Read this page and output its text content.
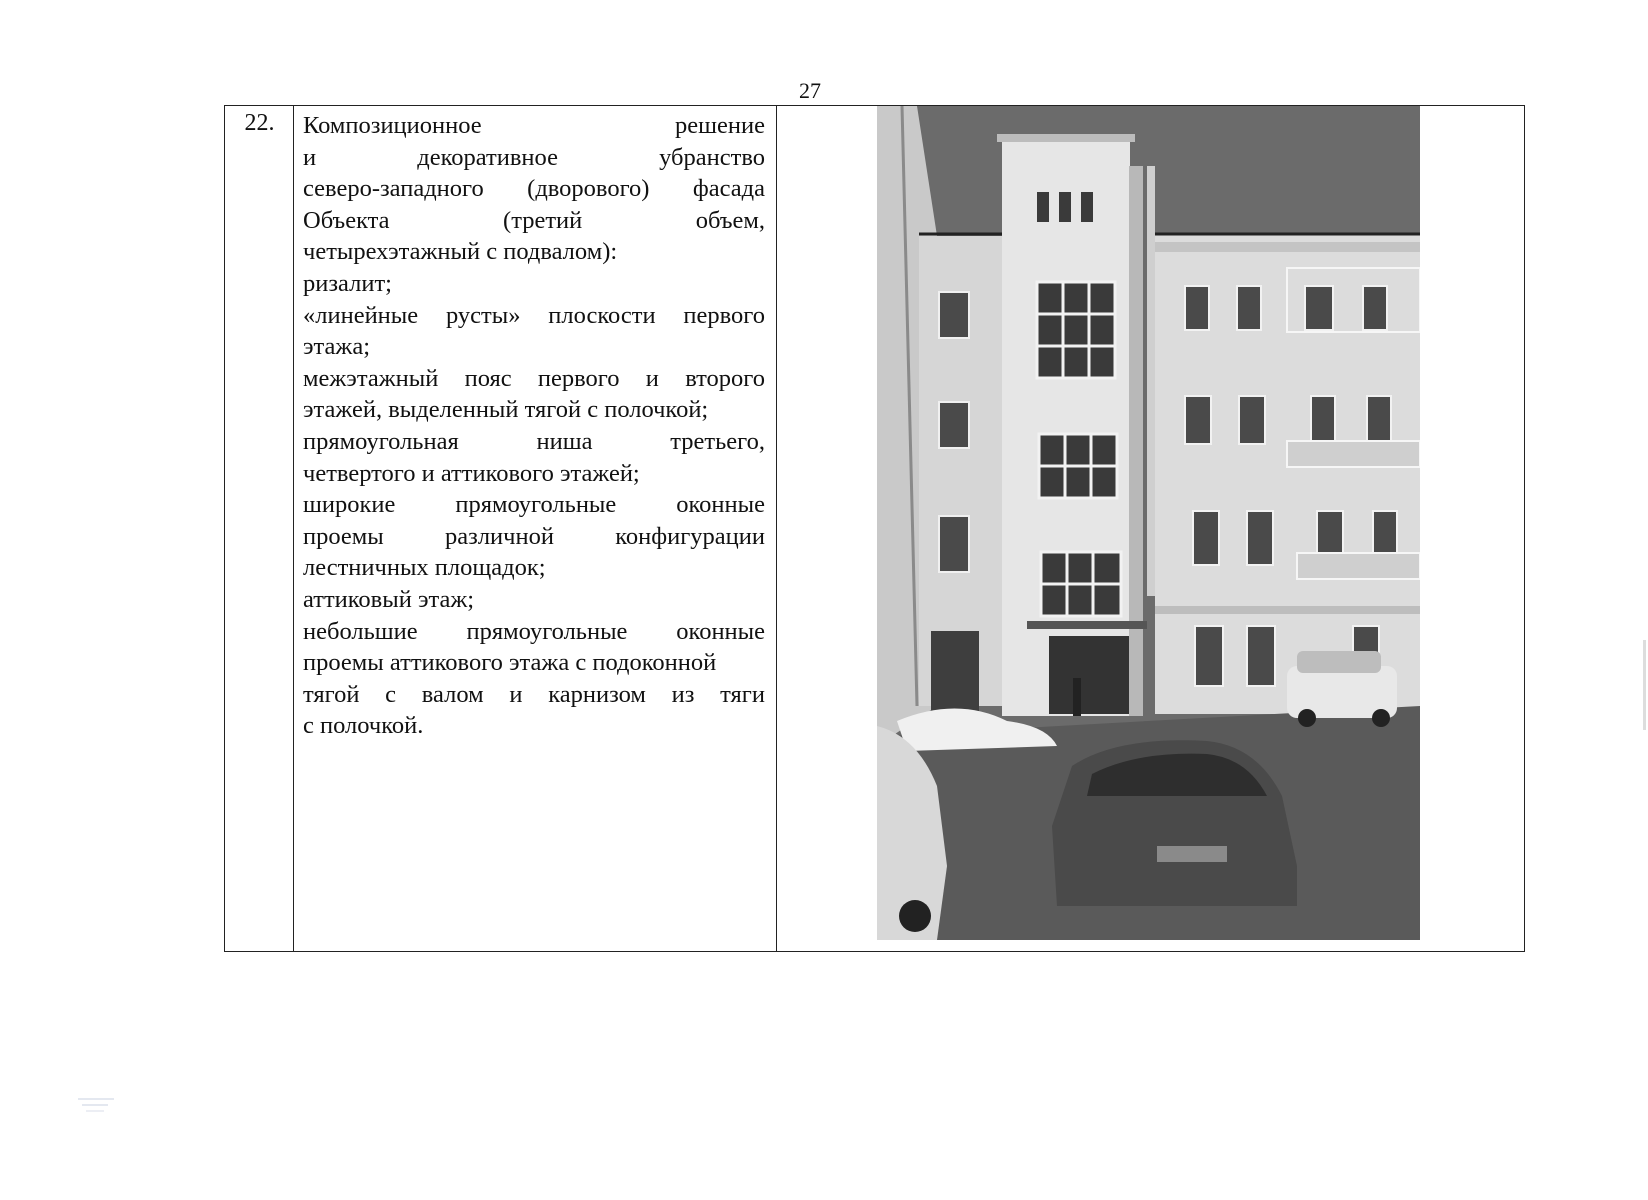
27
22.	Композиционное	решение
и	декоративное	убранство
северо-западного (дворового) фасада
Объекта	(третий	объем,
четырехэтажный с подвалом):
ризалит;
«линейные русты» плоскости первого
этажа;
межэтажный пояс первого и второго
этажей, выделенный тягой с полочкой;
прямоугольная	ниша	третьего,
четвертого и аттикового этажей;
широкие прямоугольные оконные
проемы	различной	конфигурации
лестничных площадок;
аттиковый этаж;
небольшие прямоугольные оконные
проемы аттикового этажа с подоконной
тягой с валом и карнизом из тяги
с полочкой.
